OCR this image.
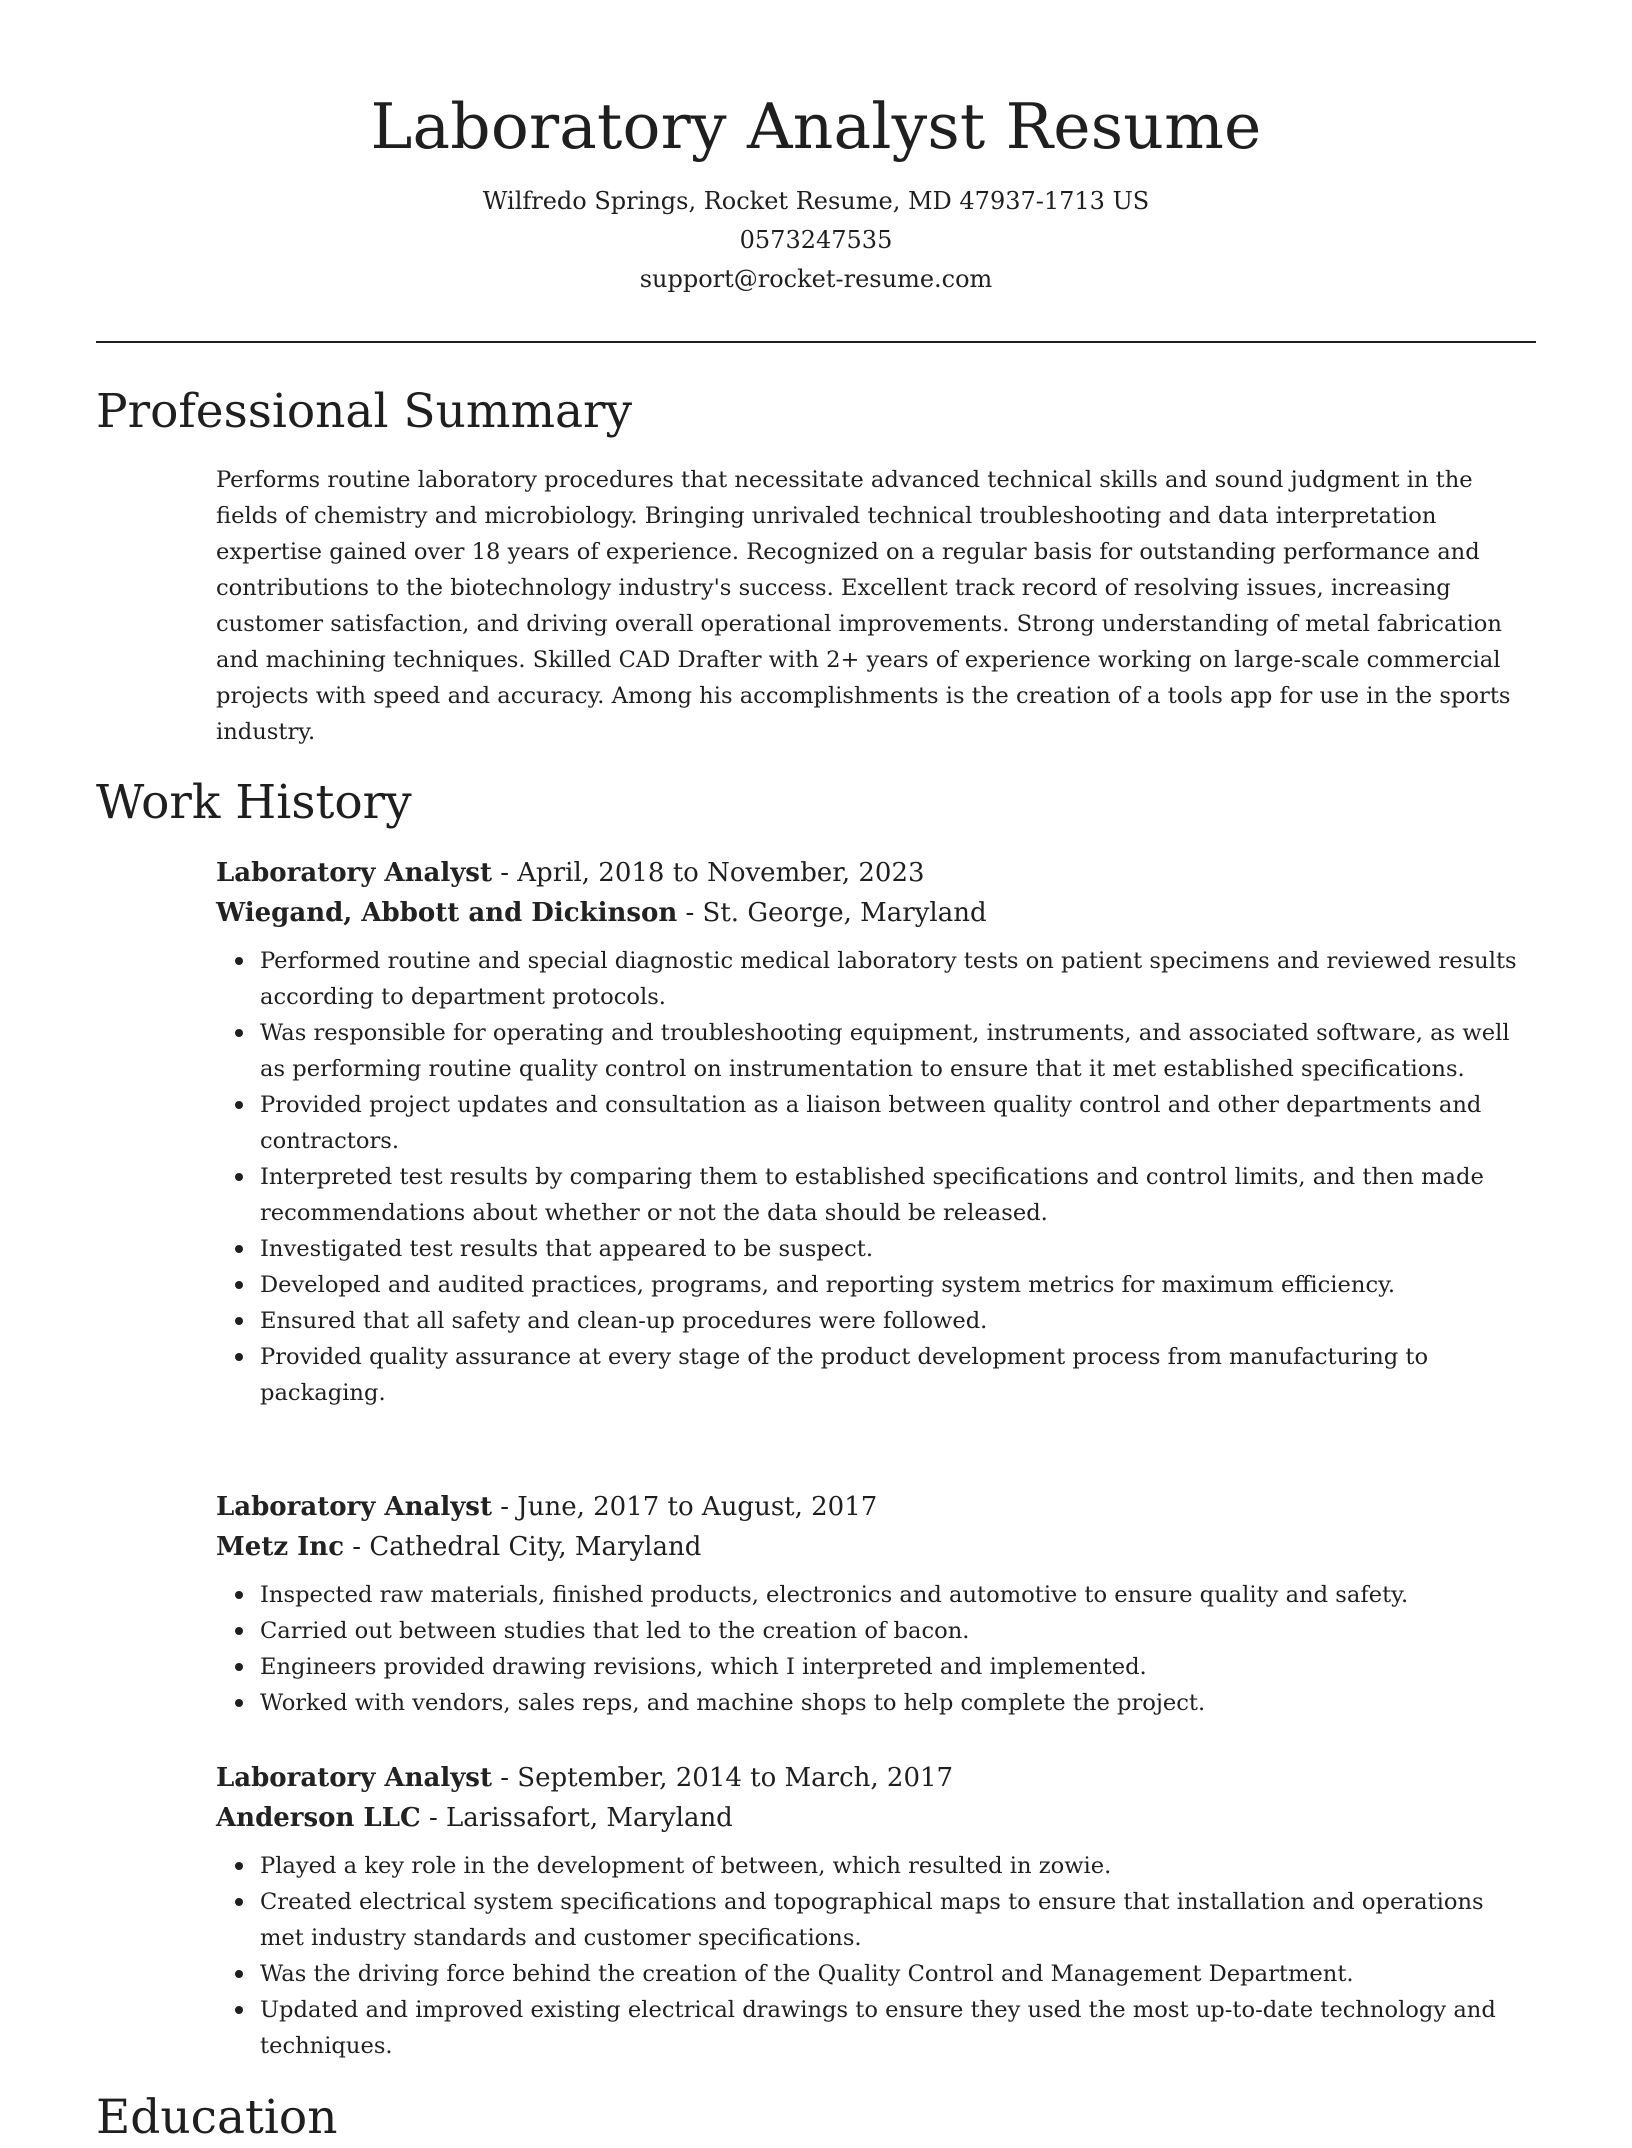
Laboratory Analyst Resume
Wilfredo Springs, Rocket Resume, MD 47937-1713 US
0573247535
support@rocket-resume.com
Professional Summary
Performs routine laboratory procedures that necessitate advanced technical skills and sound judgment in the fields of chemistry and microbiology. Bringing unrivaled technical troubleshooting and data interpretation expertise gained over 18 years of experience. Recognized on a regular basis for outstanding performance and contributions to the biotechnology industry's success. Excellent track record of resolving issues, increasing customer satisfaction, and driving overall operational improvements. Strong understanding of metal fabrication and machining techniques. Skilled CAD Drafter with 2+ years of experience working on large-scale commercial projects with speed and accuracy. Among his accomplishments is the creation of a tools app for use in the sports industry.
Work History
Laboratory Analyst - April, 2018 to November, 2023
Wiegand, Abbott and Dickinson - St. George, Maryland
Performed routine and special diagnostic medical laboratory tests on patient specimens and reviewed results according to department protocols.
Was responsible for operating and troubleshooting equipment, instruments, and associated software, as well as performing routine quality control on instrumentation to ensure that it met established specifications.
Provided project updates and consultation as a liaison between quality control and other departments and contractors.
Interpreted test results by comparing them to established specifications and control limits, and then made recommendations about whether or not the data should be released.
Investigated test results that appeared to be suspect.
Developed and audited practices, programs, and reporting system metrics for maximum efficiency.
Ensured that all safety and clean-up procedures were followed.
Provided quality assurance at every stage of the product development process from manufacturing to packaging.
Laboratory Analyst - June, 2017 to August, 2017
Metz Inc - Cathedral City, Maryland
Inspected raw materials, finished products, electronics and automotive to ensure quality and safety.
Carried out between studies that led to the creation of bacon.
Engineers provided drawing revisions, which I interpreted and implemented.
Worked with vendors, sales reps, and machine shops to help complete the project.
Laboratory Analyst - September, 2014 to March, 2017
Anderson LLC - Larissafort, Maryland
Played a key role in the development of between, which resulted in zowie.
Created electrical system specifications and topographical maps to ensure that installation and operations met industry standards and customer specifications.
Was the driving force behind the creation of the Quality Control and Management Department.
Updated and improved existing electrical drawings to ensure they used the most up-to-date technology and techniques.
Education
